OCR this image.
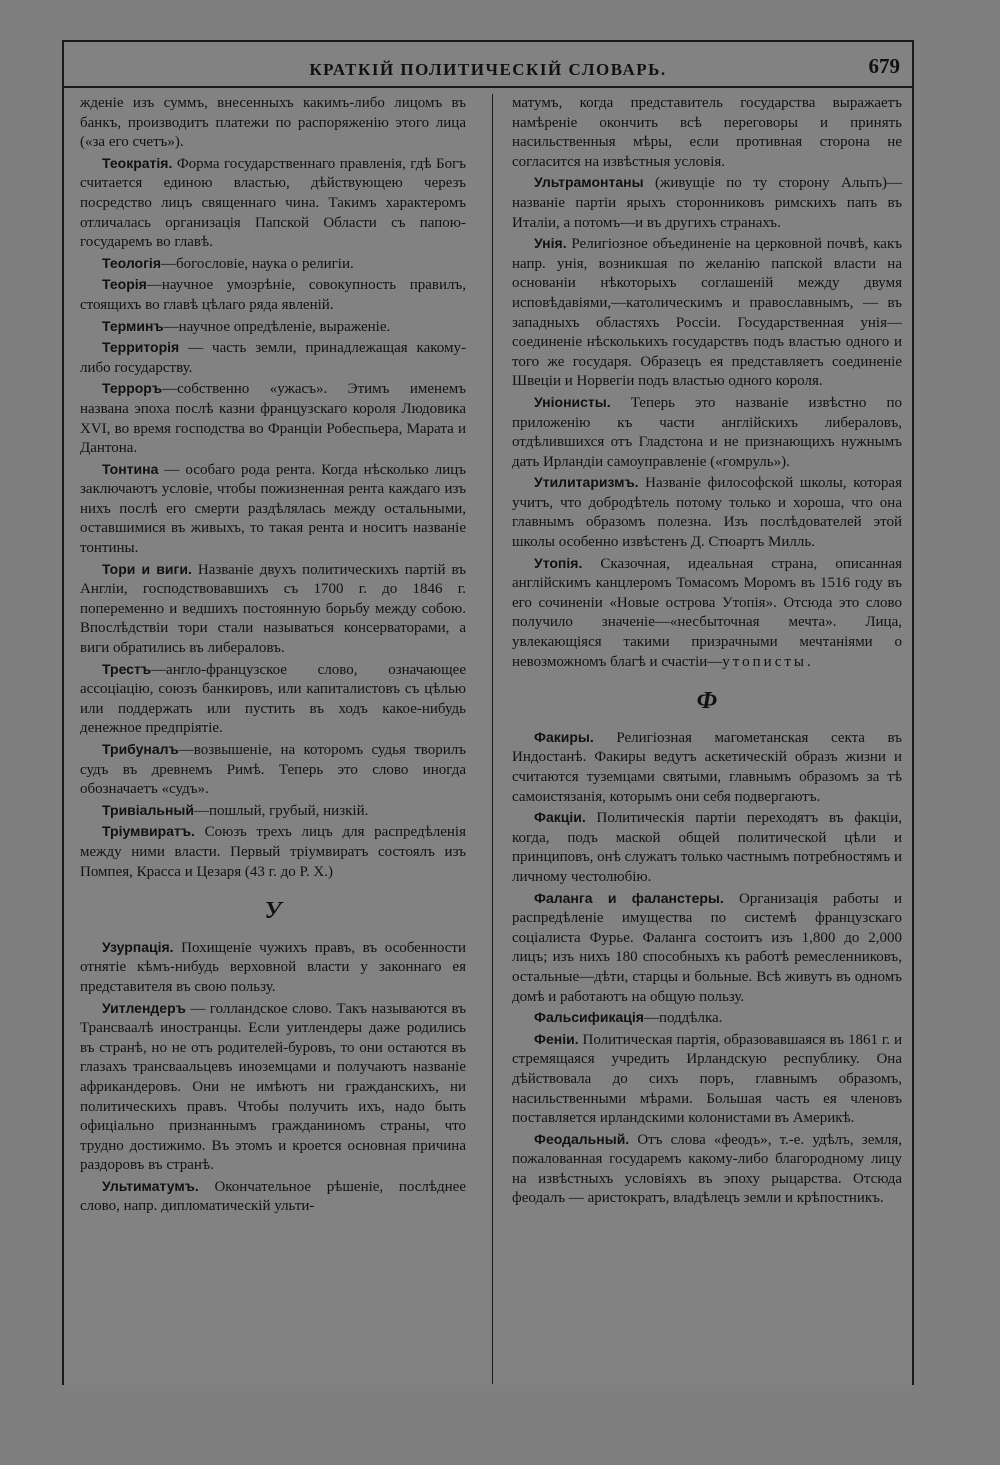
КРАТКІЙ ПОЛИТИЧЕСКІЙ СЛОВАРЬ.	679

жденіе изъ суммъ, внесенныхъ какимъ-либо лицомъ въ банкъ, производитъ платежи по распоряженію этого лица («за его счетъ»).

Теократія. Форма государственнаго правленія, гдѣ Богъ считается единою властью, дѣйствующею черезъ посредство лицъ священнаго чина. Такимъ характеромъ отличалась организація Папской Области съ папою-государемъ во главѣ.

Теологія—богословіе, наука о религіи.

Теорія—научное умозрѣніе, совокупность правилъ, стоящихъ во главѣ цѣлаго ряда явленій.

Терминъ—научное опредѣленіе, выраженіе.

Территорія — часть земли, принадлежащая какому-либо государству.

Терроръ—собственно «ужасъ». Этимъ именемъ названа эпоха послѣ казни французскаго короля Людовика XVI, во время господства во Франціи Робеспьера, Марата и Дантона.

Тонтина — особаго рода рента. Когда нѣсколько лицъ заключаютъ условіе, чтобы пожизненная рента каждаго изъ нихъ послѣ его смерти раздѣлялась между остальными, оставшимися въ живыхъ, то такая рента и носитъ названіе тонтины.

Тори и виги. Названіе двухъ политическихъ партій въ Англіи, господствовавшихъ съ 1700 г. до 1846 г. попеременно и ведшихъ постоянную борьбу между собою. Впослѣдствіи тори стали называться консерваторами, а виги обратились въ либераловъ.

Трестъ—англо-французское слово, означающее ассоціацію, союзъ банкировъ, или капиталистовъ съ цѣлью или поддержать или пустить въ ходъ какое-нибудь денежное предпріятіе.

Трибуналъ—возвышеніе, на которомъ судья творилъ судъ въ древнемъ Римѣ. Теперь это слово иногда обозначаетъ «судъ».

Тривіальный—пошлый, грубый, низкій.

Тріумвиратъ. Союзъ трехъ лицъ для распредѣленія между ними власти. Первый тріумвиратъ состоялъ изъ Помпея, Красса и Цезаря (43 г. до Р. Х.)

У

Узурпація. Похищеніе чужихъ правъ, въ особенности отнятіе кѣмъ-нибудь верховной власти у законнаго ея представителя въ свою пользу.

Уитлендеръ — голландское слово. Такъ называются въ Трансваалѣ иностранцы. Если уитлендеры даже родились въ странѣ, но не отъ родителей-буровъ, то они остаются въ глазахъ трансваальцевъ иноземцами и получаютъ названіе африкандеровъ. Они не имѣютъ ни гражданскихъ, ни политическихъ правъ. Чтобы получить ихъ, надо быть офиціально признаннымъ гражданиномъ страны, что трудно достижимо. Въ этомъ и кроется основная причина раздоровъ въ странѣ.

Ультиматумъ. Окончательное рѣшеніе, послѣднее слово, напр. дипломатическій ульти-

матумъ, когда представитель государства выражаетъ намѣреніе окончить всѣ переговоры и принять насильственныя мѣры, если противная сторона не согласится на извѣстныя условія.

Ультрамонтаны (живущіе по ту сторону Альпъ)—названіе партіи ярыхъ сторонниковъ римскихъ папъ въ Италіи, а потомъ—и въ другихъ странахъ.

Унія. Религіозное объединеніе на церковной почвѣ, какъ напр. унія, возникшая по желанію папской власти на основаніи нѣкоторыхъ соглашеній между двумя исповѣдавіями,—католическимъ и православнымъ, — въ западныхъ областяхъ Россіи. Государственная унія—соединеніе нѣсколькихъ государствъ подъ властью одного и того же государя. Образецъ ея представляетъ соединеніе Швеціи и Норвегіи подъ властью одного короля.

Уніонисты. Теперь это названіе извѣстно по приложенію къ части англійскихъ либераловъ, отдѣлившихся отъ Гладстона и не признающихъ нужнымъ дать Ирландіи самоуправленіе («гомруль»).

Утилитаризмъ. Названіе философской школы, которая учитъ, что добродѣтель потому только и хороша, что она главнымъ образомъ полезна. Изъ послѣдователей этой школы особенно извѣстенъ Д. Стюартъ Милль.

Утопія. Сказочная, идеальная страна, описанная англійскимъ канцлеромъ Томасомъ Моромъ въ 1516 году въ его сочиненіи «Новые острова Утопія». Отсюда это слово получило значеніе—«несбыточная мечта». Лица, увлекающіяся такими призрачными мечтаніями о невозможномъ благѣ и счастіи—утописты.

Ф

Факиры. Религіозная магометанская секта въ Индостанѣ. Факиры ведутъ аскетическій образъ жизни и считаются туземцами святыми, главнымъ образомъ за тѣ самоистязанія, которымъ они себя подвергаютъ.

Факціи. Политическія партіи переходятъ въ факціи, когда, подъ маской общей политической цѣли и принциповъ, онѣ служатъ только частнымъ потребностямъ и личному честолюбію.

Фаланга и фаланстеры. Организація работы и распредѣленіе имущества по системѣ французскаго соціалиста Фурье. Фаланга состоитъ изъ 1,800 до 2,000 лицъ; изъ нихъ 180 способныхъ къ работѣ ремесленниковъ, остальные—дѣти, старцы и больные. Всѣ живутъ въ одномъ домѣ и работаютъ на общую пользу.

Фальсификація—поддѣлка.

Феніи. Политическая партія, образовавшаяся въ 1861 г. и стремящаяся учредить Ирландскую республику. Она дѣйствовала до сихъ поръ, главнымъ образомъ, насильственными мѣрами. Большая часть ея членовъ поставляется ирландскими колонистами въ Америкѣ.

Феодальный. Отъ слова «феодъ», т.-е. удѣлъ, земля, пожалованная государемъ какому-либо благородному лицу на извѣстныхъ условіяхъ въ эпоху рыцарства. Отсюда феодалъ — аристократъ, владѣлецъ земли и крѣпостникъ.
